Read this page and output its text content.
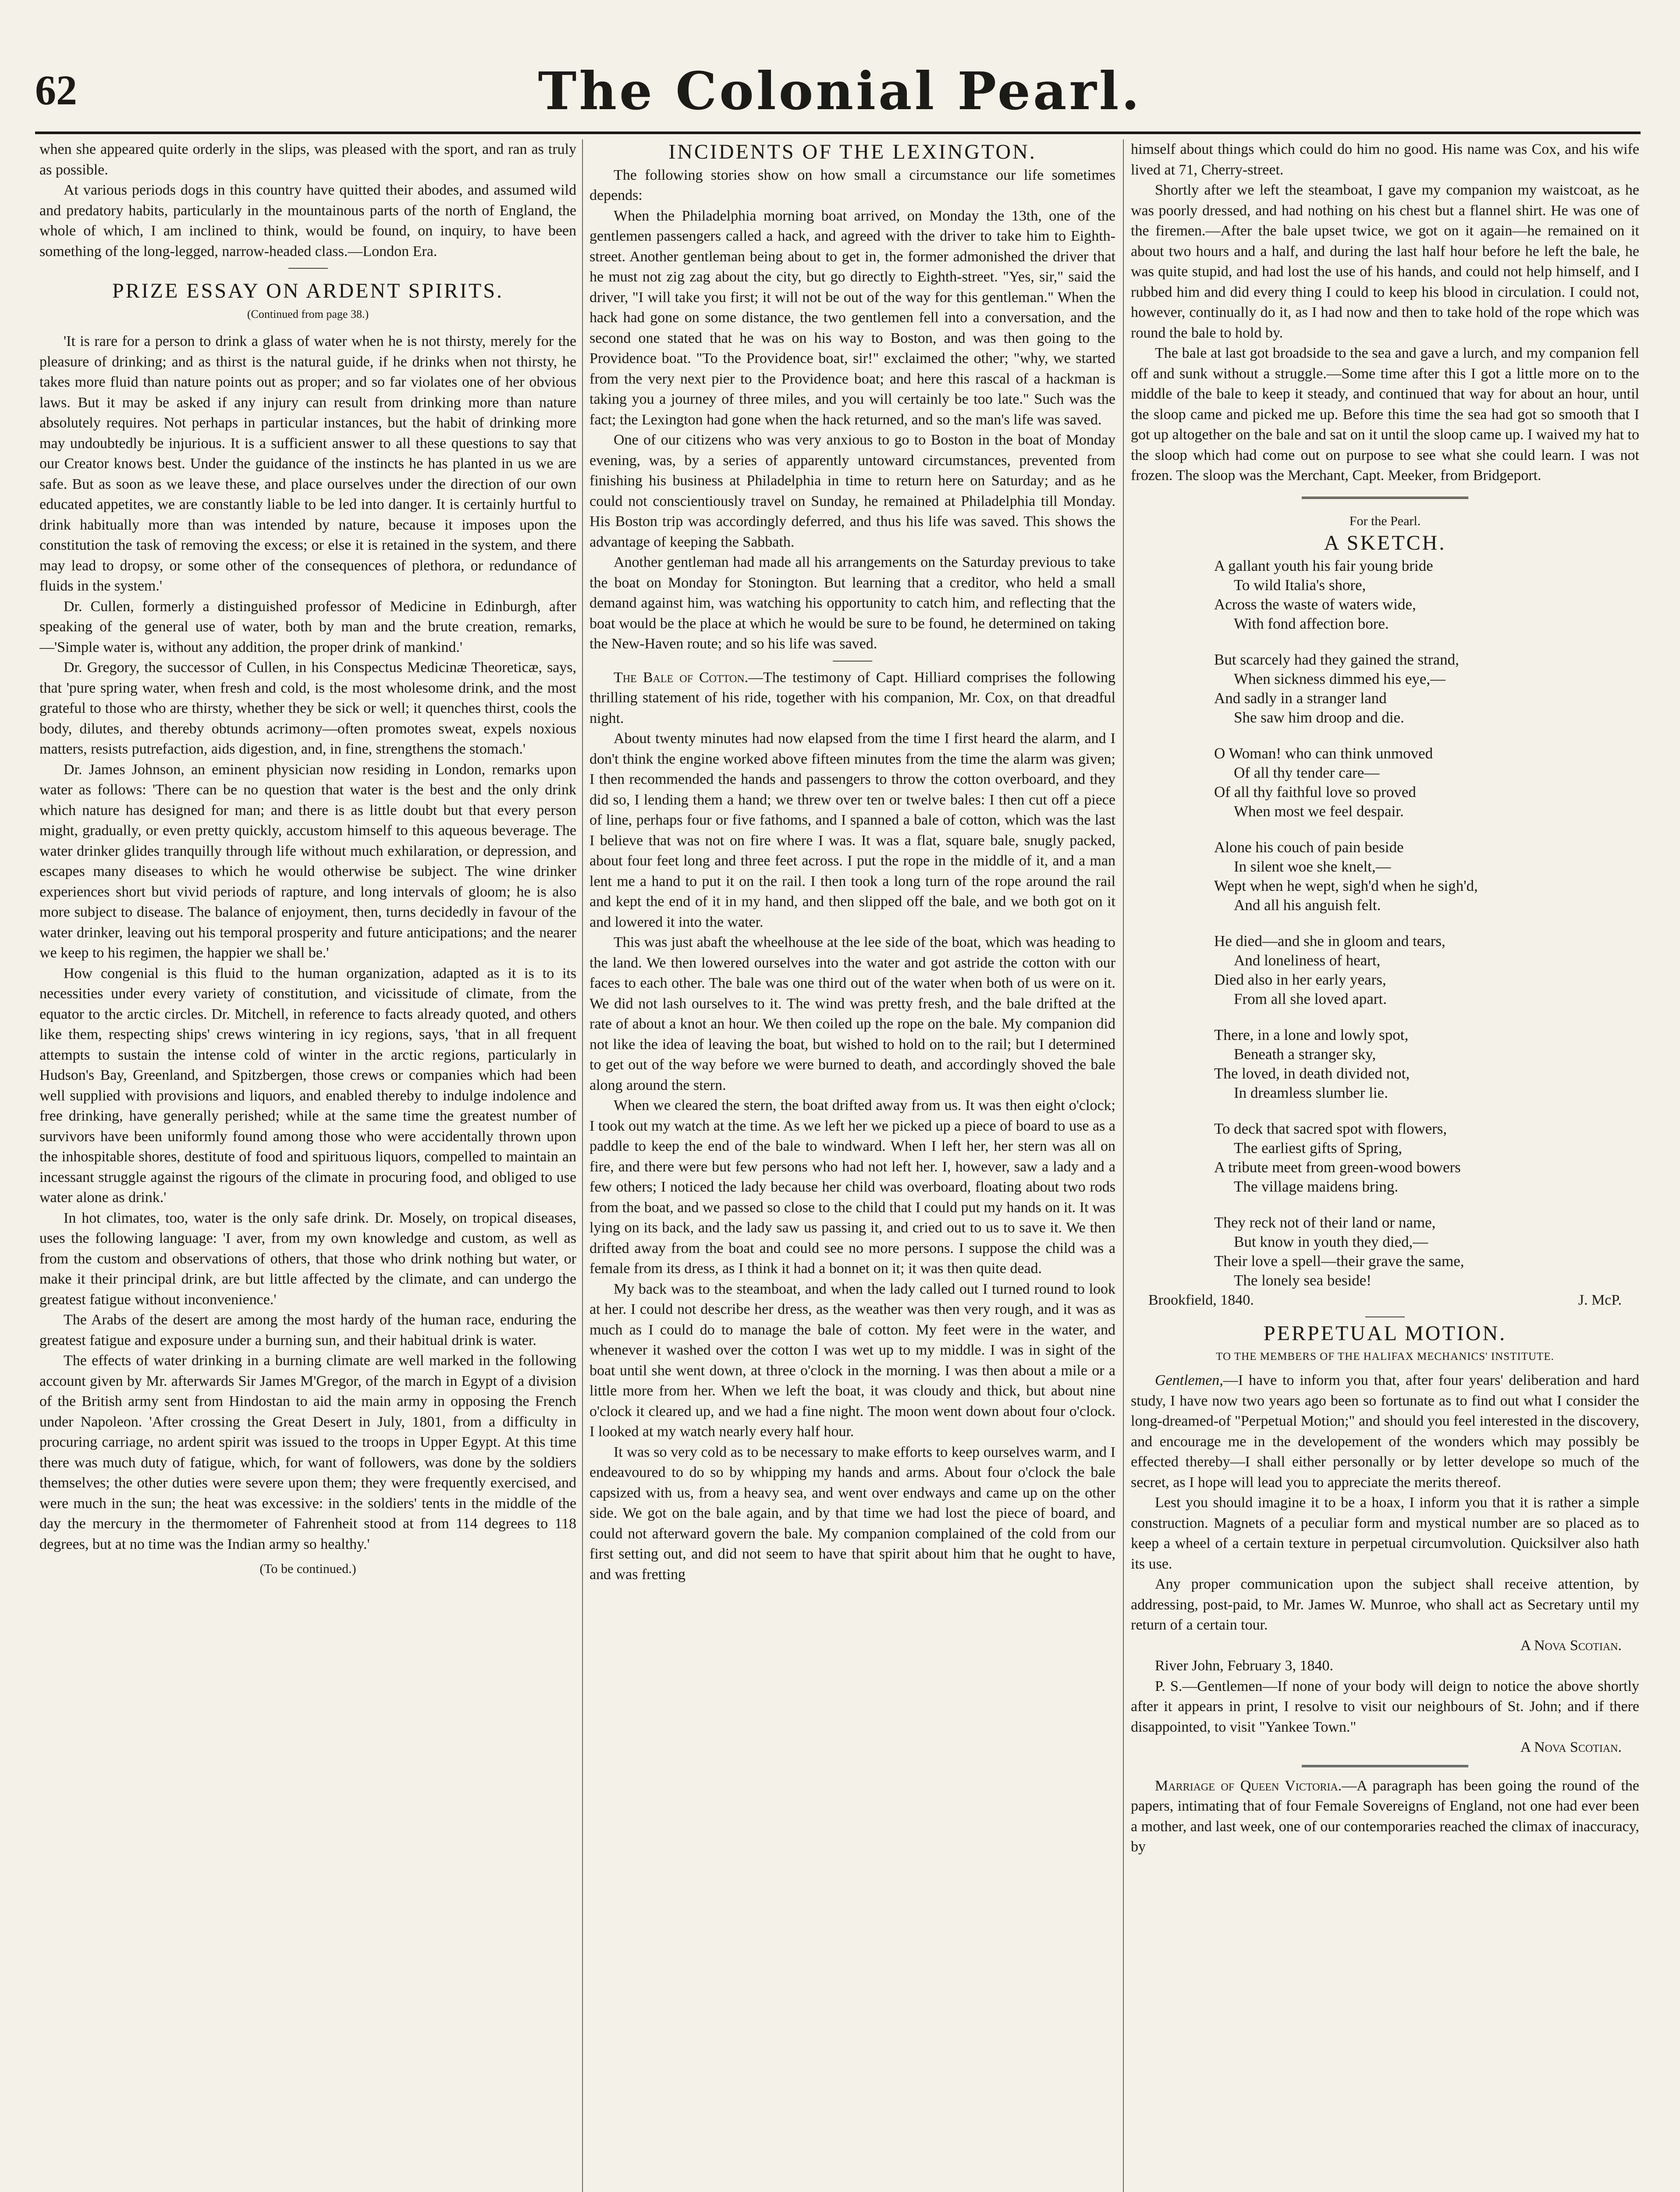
62	The Colonial Pearl.

when she appeared quite orderly in the slips, was pleased with the sport, and ran as truly as possible.

At various periods dogs in this country have quitted their abodes, and assumed wild and predatory habits, particularly in the mountainous parts of the north of England, the whole of which, I am inclined to think, would be found, on inquiry, to have been something of the long-legged, narrow-headed class.—London Era.

PRIZE ESSAY ON ARDENT SPIRITS.
(Continued from page 38.)

'It is rare for a person to drink a glass of water when he is not thirsty, merely for the pleasure of drinking; and as thirst is the natural guide, if he drinks when not thirsty, he takes more fluid than nature points out as proper; and so far violates one of her obvious laws. But it may be asked if any injury can result from drinking more than nature absolutely requires. Not perhaps in particular instances, but the habit of drinking more may undoubtedly be injurious. It is a sufficient answer to all these questions to say that our Creator knows best. Under the guidance of the instincts he has planted in us we are safe. But as soon as we leave these, and place ourselves under the direction of our own educated appetites, we are constantly liable to be led into danger. It is certainly hurtful to drink habitually more than was intended by nature, because it imposes upon the constitution the task of removing the excess; or else it is retained in the system, and there may lead to dropsy, or some other of the consequences of plethora, or redundance of fluids in the system.'

Dr. Cullen, formerly a distinguished professor of Medicine in Edinburgh, after speaking of the general use of water, both by man and the brute creation, remarks,—'Simple water is, without any addition, the proper drink of mankind.'

Dr. Gregory, the successor of Cullen, in his Conspectus Medicinæ Theoreticæ, says, that 'pure spring water, when fresh and cold, is the most wholesome drink, and the most grateful to those who are thirsty, whether they be sick or well; it quenches thirst, cools the body, dilutes, and thereby obtunds acrimony—often promotes sweat, expels noxious matters, resists putrefaction, aids digestion, and, in fine, strengthens the stomach.'

Dr. James Johnson, an eminent physician now residing in London, remarks upon water as follows: 'There can be no question that water is the best and the only drink which nature has designed for man; and there is as little doubt but that every person might, gradually, or even pretty quickly, accustom himself to this aqueous beverage. The water drinker glides tranquilly through life without much exhilaration, or depression, and escapes many diseases to which he would otherwise be subject. The wine drinker experiences short but vivid periods of rapture, and long intervals of gloom; he is also more subject to disease. The balance of enjoyment, then, turns decidedly in favour of the water drinker, leaving out his temporal prosperity and future anticipations; and the nearer we keep to his regimen, the happier we shall be.'

How congenial is this fluid to the human organization, adapted as it is to its necessities under every variety of constitution, and vicissitude of climate, from the equator to the arctic circles. Dr. Mitchell, in reference to facts already quoted, and others like them, respecting ships' crews wintering in icy regions, says, 'that in all frequent attempts to sustain the intense cold of winter in the arctic regions, particularly in Hudson's Bay, Greenland, and Spitzbergen, those crews or companies which had been well supplied with provisions and liquors, and enabled thereby to indulge indolence and free drinking, have generally perished; while at the same time the greatest number of survivors have been uniformly found among those who were accidentally thrown upon the inhospitable shores, destitute of food and spirituous liquors, compelled to maintain an incessant struggle against the rigours of the climate in procuring food, and obliged to use water alone as drink.'

In hot climates, too, water is the only safe drink. Dr. Mosely, on tropical diseases, uses the following language: 'I aver, from my own knowledge and custom, as well as from the custom and observations of others, that those who drink nothing but water, or make it their principal drink, are but little affected by the climate, and can undergo the greatest fatigue without inconvenience.'

The Arabs of the desert are among the most hardy of the human race, enduring the greatest fatigue and exposure under a burning sun, and their habitual drink is water.

The effects of water drinking in a burning climate are well marked in the following account given by Mr. afterwards Sir James M'Gregor, of the march in Egypt of a division of the British army sent from Hindostan to aid the main army in opposing the French under Napoleon. 'After crossing the Great Desert in July, 1801, from a difficulty in procuring carriage, no ardent spirit was issued to the troops in Upper Egypt. At this time there was much duty of fatigue, which, for want of followers, was done by the soldiers themselves; the other duties were severe upon them; they were frequently exercised, and were much in the sun; the heat was excessive: in the soldiers' tents in the middle of the day the mercury in the thermometer of Fahrenheit stood at from 114 degrees to 118 degrees, but at no time was the Indian army so healthy.'

(To be continued.)
INCIDENTS OF THE LEXINGTON.

The following stories show on how small a circumstance our life sometimes depends:

When the Philadelphia morning boat arrived, on Monday the 13th, one of the gentlemen passengers called a hack, and agreed with the driver to take him to Eighth-street. Another gentleman being about to get in, the former admonished the driver that he must not zig zag about the city, but go directly to Eighth-street. "Yes, sir," said the driver, "I will take you first; it will not be out of the way for this gentleman." When the hack had gone on some distance, the two gentlemen fell into a conversation, and the second one stated that he was on his way to Boston, and was then going to the Providence boat. "To the Providence boat, sir!" exclaimed the other; "why, we started from the very next pier to the Providence boat; and here this rascal of a hackman is taking you a journey of three miles, and you will certainly be too late." Such was the fact; the Lexington had gone when the hack returned, and so the man's life was saved.

One of our citizens who was very anxious to go to Boston in the boat of Monday evening, was, by a series of apparently untoward circumstances, prevented from finishing his business at Philadelphia in time to return here on Saturday; and as he could not conscientiously travel on Sunday, he remained at Philadelphia till Monday. His Boston trip was accordingly deferred, and thus his life was saved. This shows the advantage of keeping the Sabbath.

Another gentleman had made all his arrangements on the Saturday previous to take the boat on Monday for Stonington. But learning that a creditor, who held a small demand against him, was watching his opportunity to catch him, and reflecting that the boat would be the place at which he would be sure to be found, he determined on taking the New-Haven route; and so his life was saved.

The Bale of Cotton.—The testimony of Capt. Hilliard comprises the following thrilling statement of his ride, together with his companion, Mr. Cox, on that dreadful night.

About twenty minutes had now elapsed from the time I first heard the alarm, and I don't think the engine worked above fifteen minutes from the time the alarm was given; I then recommended the hands and passengers to throw the cotton overboard, and they did so, I lending them a hand; we threw over ten or twelve bales: I then cut off a piece of line, perhaps four or five fathoms, and I spanned a bale of cotton, which was the last I believe that was not on fire where I was. It was a flat, square bale, snugly packed, about four feet long and three feet across. I put the rope in the middle of it, and a man lent me a hand to put it on the rail. I then took a long turn of the rope around the rail and kept the end of it in my hand, and then slipped off the bale, and we both got on it and lowered it into the water.

This was just abaft the wheelhouse at the lee side of the boat, which was heading to the land. We then lowered ourselves into the water and got astride the cotton with our faces to each other. The bale was one third out of the water when both of us were on it. We did not lash ourselves to it. The wind was pretty fresh, and the bale drifted at the rate of about a knot an hour. We then coiled up the rope on the bale. My companion did not like the idea of leaving the boat, but wished to hold on to the rail; but I determined to get out of the way before we were burned to death, and accordingly shoved the bale along around the stern.

When we cleared the stern, the boat drifted away from us. It was then eight o'clock; I took out my watch at the time. As we left her we picked up a piece of board to use as a paddle to keep the end of the bale to windward. When I left her, her stern was all on fire, and there were but few persons who had not left her. I, however, saw a lady and a few others; I noticed the lady because her child was overboard, floating about two rods from the boat, and we passed so close to the child that I could put my hands on it. It was lying on its back, and the lady saw us passing it, and cried out to us to save it. We then drifted away from the boat and could see no more persons. I suppose the child was a female from its dress, as I think it had a bonnet on it; it was then quite dead.

My back was to the steamboat, and when the lady called out I turned round to look at her. I could not describe her dress, as the weather was then very rough, and it was as much as I could do to manage the bale of cotton. My feet were in the water, and whenever it washed over the cotton I was wet up to my middle. I was in sight of the boat until she went down, at three o'clock in the morning. I was then about a mile or a little more from her. When we left the boat, it was cloudy and thick, but about nine o'clock it cleared up, and we had a fine night. The moon went down about four o'clock. I looked at my watch nearly every half hour.

It was so very cold as to be necessary to make efforts to keep ourselves warm, and I endeavoured to do so by whipping my hands and arms. About four o'clock the bale capsized with us, from a heavy sea, and went over endways and came up on the other side. We got on the bale again, and by that time we had lost the piece of board, and could not afterward govern the bale. My companion complained of the cold from our first setting out, and did not seem to have that spirit about him that he ought to have, and was fretting

himself about things which could do him no good. His name was Cox, and his wife lived at 71, Cherry-street.

Shortly after we left the steamboat, I gave my companion my waistcoat, as he was poorly dressed, and had nothing on his chest but a flannel shirt. He was one of the firemen.—After the bale upset twice, we got on it again—he remained on it about two hours and a half, and during the last half hour before he left the bale, he was quite stupid, and had lost the use of his hands, and could not help himself, and I rubbed him and did every thing I could to keep his blood in circulation. I could not, however, continually do it, as I had now and then to take hold of the rope which was round the bale to hold by.

The bale at last got broadside to the sea and gave a lurch, and my companion fell off and sunk without a struggle.—Some time after this I got a little more on to the middle of the bale to keep it steady, and continued that way for about an hour, until the sloop came and picked me up. Before this time the sea had got so smooth that I got up altogether on the bale and sat on it until the sloop came up. I waived my hat to the sloop which had come out on purpose to see what she could learn. I was not frozen. The sloop was the Merchant, Capt. Meeker, from Bridgeport.

For the Pearl.
A SKETCH.
A gallant youth his fair young bride
To wild Italia's shore,
Across the waste of waters wide,
With fond affection bore.
But scarcely had they gained the strand,
When sickness dimmed his eye,—
And sadly in a stranger land
She saw him droop and die.
O Woman! who can think unmoved
Of all thy tender care—
Of all thy faithful love so proved
When most we feel despair.
Alone his couch of pain beside
In silent woe she knelt,—
Wept when he wept, sigh'd when he sigh'd,
And all his anguish felt.
He died—and she in gloom and tears,
And loneliness of heart,
Died also in her early years,
From all she loved apart.
There, in a lone and lowly spot,
Beneath a stranger sky,
The loved, in death divided not,
In dreamless slumber lie.
To deck that sacred spot with flowers,
The earliest gifts of Spring,
A tribute meet from green-wood bowers
The village maidens bring.
They reck not of their land or name,
But know in youth they died,—
Their love a spell—their grave the same,
The lonely sea beside!
Brookfield, 1840.	J. McP.
PERPETUAL MOTION.
TO THE MEMBERS OF THE HALIFAX MECHANICS' INSTITUTE.

Gentlemen,—I have to inform you that, after four years' deliberation and hard study, I have now two years ago been so fortunate as to find out what I consider the long-dreamed-of "Perpetual Motion;" and should you feel interested in the discovery, and encourage me in the developement of the wonders which may possibly be effected thereby—I shall either personally or by letter develope so much of the secret, as I hope will lead you to appreciate the merits thereof.

Lest you should imagine it to be a hoax, I inform you that it is rather a simple construction. Magnets of a peculiar form and mystical number are so placed as to keep a wheel of a certain texture in perpetual circumvolution. Quicksilver also hath its use.

Any proper communication upon the subject shall receive attention, by addressing, post-paid, to Mr. James W. Munroe, who shall act as Secretary until my return of a certain tour.

A Nova Scotian.

River John, February 3, 1840.

P. S.—Gentlemen—If none of your body will deign to notice the above shortly after it appears in print, I resolve to visit our neighbours of St. John; and if there disappointed, to visit "Yankee Town."

A Nova Scotian.

Marriage of Queen Victoria.—A paragraph has been going the round of the papers, intimating that of four Female Sovereigns of England, not one had ever been a mother, and last week, one of our contemporaries reached the climax of inaccuracy, by
